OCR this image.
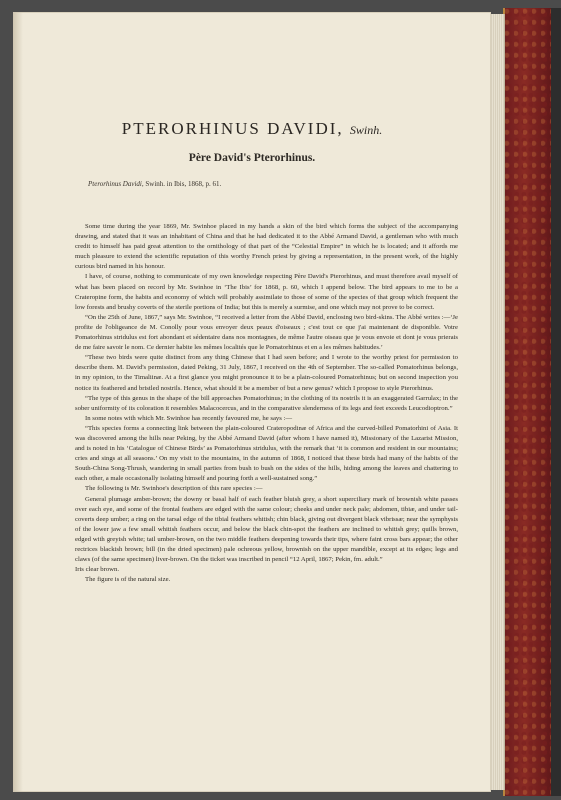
PTERORHINUS DAVIDI, Swinh.
Père David's Pterorhinus.
Pterorhinus Davidi, Swinh. in Ibis, 1868, p. 61.

Some time during the year 1869, Mr. Swinhoe placed in my hands a skin of the bird which forms the subject of the accompanying drawing, and stated that it was an inhabitant of China and that he had dedicated it to the Abbé Armand David, a gentleman who with much credit to himself has paid great attention to the ornithology of that part of the “Celestial Empire” in which he is located; and it affords me much pleasure to extend the scientific reputation of this worthy French priest by giving a representation, in the present work, of the highly curious bird named in his honour.

I have, of course, nothing to communicate of my own knowledge respecting Père David's Pterorhinus, and must therefore avail myself of what has been placed on record by Mr. Swinhoe in ‘The Ibis’ for 1868, p. 60, which I append below. The bird appears to me to be a Crateropine form, the habits and economy of which will probably assimilate to those of some of the species of that group which frequent the low forests and brushy coverts of the sterile portions of India; but this is merely a surmise, and one which may not prove to be correct.

“On the 25th of June, 1867,” says Mr. Swinhoe, “I received a letter from the Abbé David, enclosing two bird-skins. The Abbé writes :—‘Je profite de l'obligeance de M. Conolly pour vous envoyer deux peaux d'oiseaux ; c'est tout ce que j'ai maintenant de disponible. Votre Pomatorhinus stridulus est fort abondant et sédentaire dans nos montagnes, de même l'autre oiseau que je vous envoie et dont je vous prierais de me faire savoir le nom. Ce dernier habite les mêmes localités que le Pomatorhinus et en a les mêmes habitudes.’

“These two birds were quite distinct from any thing Chinese that I had seen before; and I wrote to the worthy priest for permission to describe them. M. David's permission, dated Peking, 31 July, 1867, I received on the 4th of September. The so-called Pomatorhinus belongs, in my opinion, to the Timaliinæ. At a first glance you might pronounce it to be a plain-coloured Pomatorhinus; but on second inspection you notice its feathered and bristled nostrils. Hence, what should it be a member of but a new genus? which I propose to style Pterorhinus.

“The type of this genus in the shape of the bill approaches Pomatorhinus; in the clothing of its nostrils it is an exaggerated Garrulax; in the sober uniformity of its coloration it resembles Malacocercus, and in the comparative slenderness of its legs and feet exceeds Leucodioptron.”

In some notes with which Mr. Swinhoe has recently favoured me, he says :—

“This species forms a connecting link between the plain-coloured Crateropodinæ of Africa and the curved-billed Pomatorhini of Asia. It was discovered among the hills near Peking, by the Abbé Armand David (after whom I have named it), Missionary of the Lazarist Mission, and is noted in his ‘Catalogue of Chinese Birds’ as Pomatorhinus stridulus, with the remark that ‘it is common and resident in our mountains; cries and sings at all seasons.’ On my visit to the mountains, in the autumn of 1868, I noticed that these birds had many of the habits of the South-China Song-Thrush, wandering in small parties from bush to bush on the sides of the hills, hiding among the leaves and chattering to each other, a male occasionally isolating himself and pouring forth a well-sustained song.”

The following is Mr. Swinhoe's description of this rare species :—

General plumage amber-brown; the downy or basal half of each feather bluish grey, a short superciliary mark of brownish white passes over each eye, and some of the frontal feathers are edged with the same colour; cheeks and under neck pale; abdomen, tibiæ, and under tail-coverts deep umber; a ring on the tarsal edge of the tibial feathers whitish; chin black, giving out divergent black vibrissæ; near the symphysis of the lower jaw a few small whitish feathers occur, and below the black chin-spot the feathers are inclined to whitish grey; quills brown, edged with greyish white; tail umber-brown, on the two middle feathers deepening towards their tips, where faint cross bars appear; the other rectrices blackish brown; bill (in the dried specimen) pale ochreous yellow, brownish on the upper mandible, except at its edges; legs and claws (of the same specimen) liver-brown. On the ticket was inscribed in pencil “12 April, 1867; Pekin, fm. adult.”

Iris clear brown.

The figure is of the natural size.
